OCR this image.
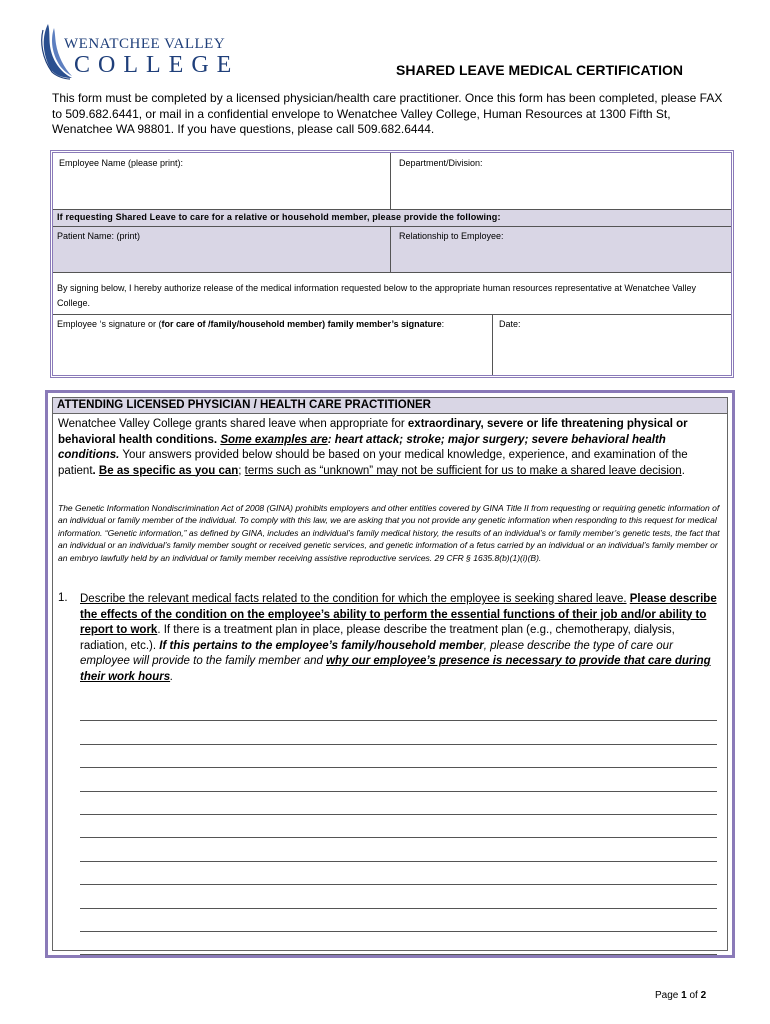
WENATCHEE VALLEY
COLLEGE	SHARED LEAVE MEDICAL CERTIFICATION
This form must be completed by a licensed physician/health care practitioner. Once this form has been completed, please FAX to 509.682.6441, or mail in a confidential envelope to Wenatchee Valley College, Human Resources at 1300 Fifth St, Wenatchee WA 98801. If you have questions, please call 509.682.6444.
Employee Name (please print):	Department/Division:
If requesting Shared Leave to care for a relative or household member, please provide the following:
Patient Name: (print)	Relationship to Employee:
By signing below, I hereby authorize release of the medical information requested below to the appropriate human resources representative at Wenatchee Valley College.
Employee ‘s signature or (for care of /family/household member) family member’s signature:	Date:
ATTENDING LICENSED PHYSICIAN / HEALTH CARE PRACTITIONER
Wenatchee Valley College grants shared leave when appropriate for extraordinary, severe or life threatening physical or behavioral health conditions. Some examples are: heart attack; stroke; major surgery; severe behavioral health conditions. Your answers provided below should be based on your medical knowledge, experience, and examination of the patient. Be as specific as you can; terms such as “unknown” may not be sufficient for us to make a shared leave decision.
The Genetic Information Nondiscrimination Act of 2008 (GINA) prohibits employers and other entities covered by GINA Title II from requesting or requiring genetic information of an individual or family member of the individual. To comply with this law, we are asking that you not provide any genetic information when responding to this request for medical information. “Genetic information,” as defined by GINA, includes an individual’s family medical history, the results of an individual’s or family member’s genetic tests, the fact that an individual or an individual’s family member sought or received genetic services, and genetic information of a fetus carried by an individual or an individual’s family member or an embryo lawfully held by an individual or family member receiving assistive reproductive services. 29 CFR § 1635.8(b)(1)(i)(B).
1. Describe the relevant medical facts related to the condition for which the employee is seeking shared leave. Please describe the effects of the condition on the employee’s ability to perform the essential functions of their job and/or ability to report to work. If there is a treatment plan in place, please describe the treatment plan (e.g., chemotherapy, dialysis, radiation, etc.). If this pertains to the employee’s family/household member, please describe the type of care our employee will provide to the family member and why our employee’s presence is necessary to provide that care during their work hours.
Page 1 of 2
